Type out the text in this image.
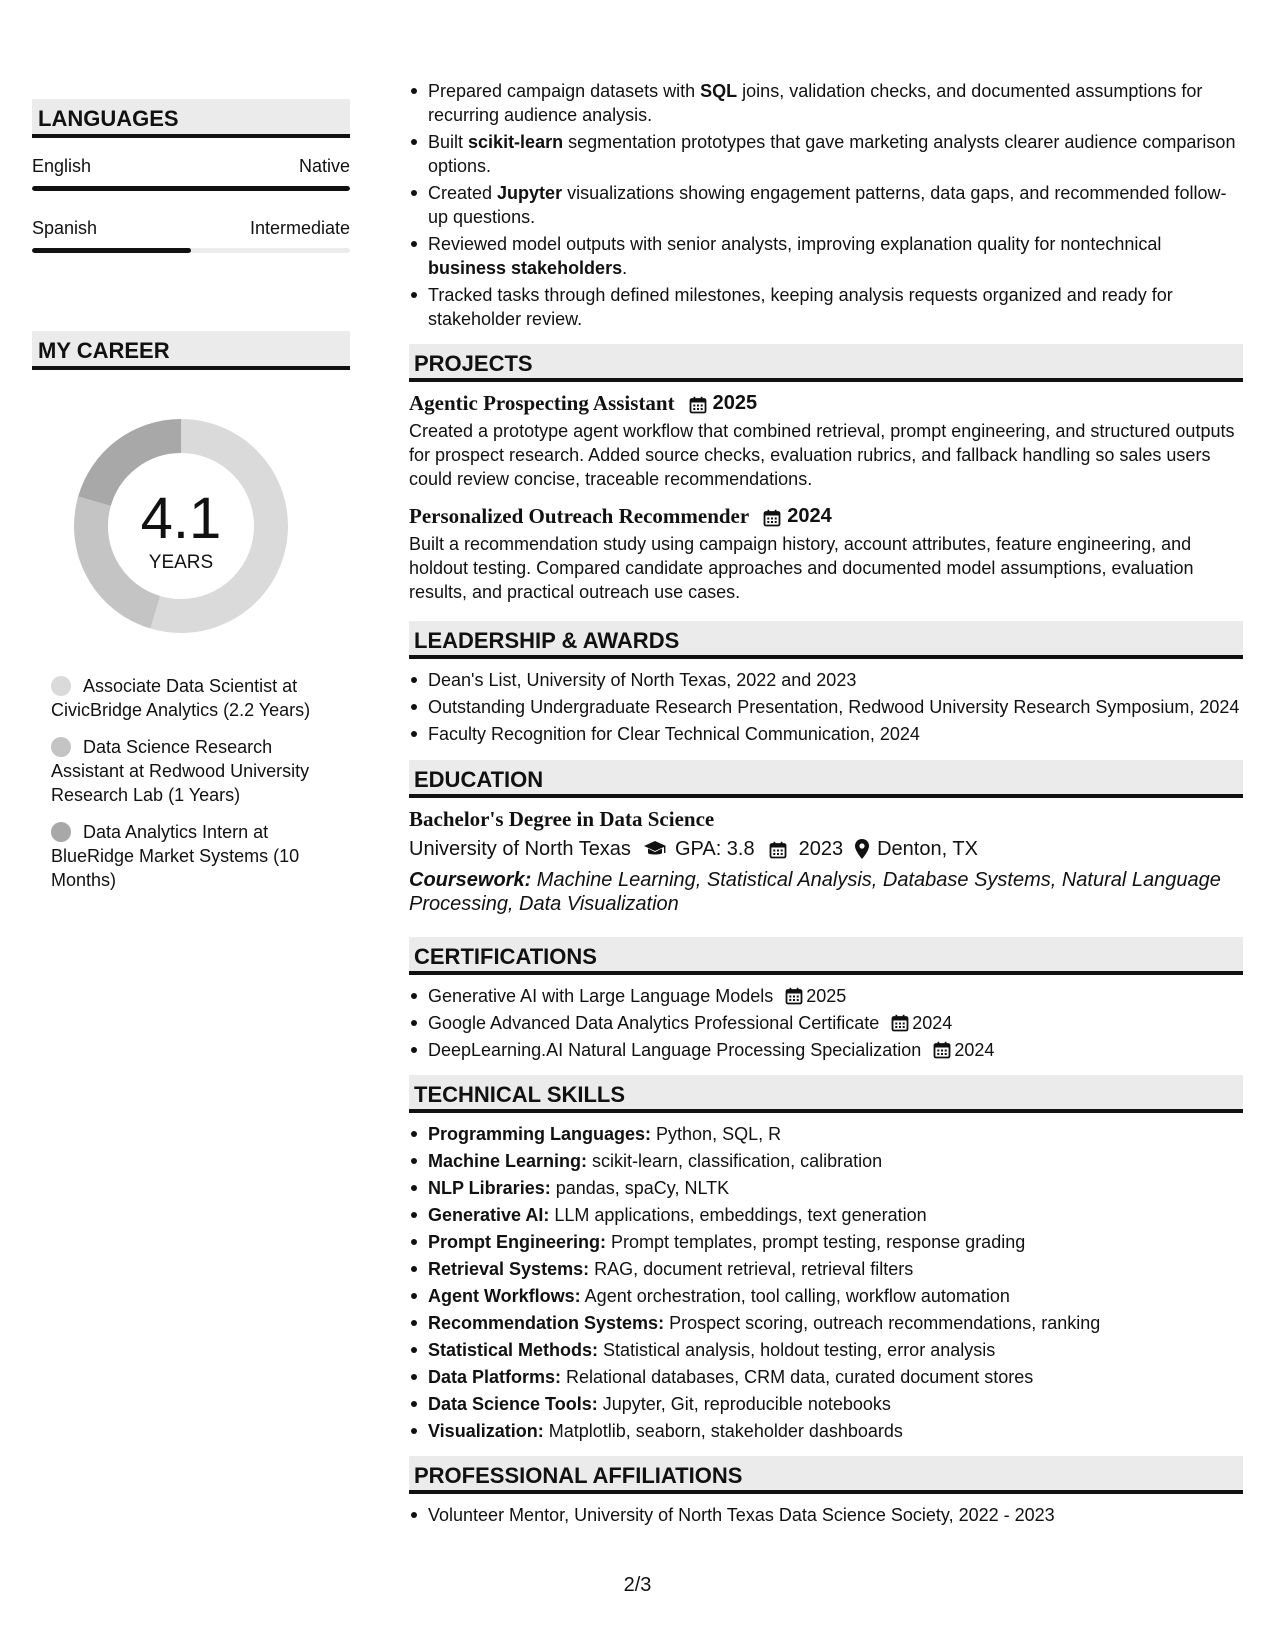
LANGUAGES
English	Native
Spanish	Intermediate
MY CAREER
4.1
YEARS
Associate Data Scientist at CivicBridge Analytics (2.2 Years)
Data Science Research Assistant at Redwood University Research Lab (1 Years)
Data Analytics Intern at BlueRidge Market Systems (10 Months)
Prepared campaign datasets with SQL joins, validation checks, and documented assumptions for recurring audience analysis.
Built scikit-learn segmentation prototypes that gave marketing analysts clearer audience comparison options.
Created Jupyter visualizations showing engagement patterns, data gaps, and recommended follow-up questions.
Reviewed model outputs with senior analysts, improving explanation quality for nontechnical business stakeholders.
Tracked tasks through defined milestones, keeping analysis requests organized and ready for stakeholder review.
PROJECTS
Agentic Prospecting Assistant 2025
Created a prototype agent workflow that combined retrieval, prompt engineering, and structured outputs for prospect research. Added source checks, evaluation rubrics, and fallback handling so sales users could review concise, traceable recommendations.
Personalized Outreach Recommender 2024
Built a recommendation study using campaign history, account attributes, feature engineering, and holdout testing. Compared candidate approaches and documented model assumptions, evaluation results, and practical outreach use cases.
LEADERSHIP & AWARDS
Dean's List, University of North Texas, 2022 and 2023
Outstanding Undergraduate Research Presentation, Redwood University Research Symposium, 2024
Faculty Recognition for Clear Technical Communication, 2024
EDUCATION
Bachelor's Degree in Data Science
University of North Texas GPA: 3.8 2023 Denton, TX
Coursework: Machine Learning, Statistical Analysis, Database Systems, Natural Language Processing, Data Visualization
CERTIFICATIONS
Generative AI with Large Language Models 2025
Google Advanced Data Analytics Professional Certificate 2024
DeepLearning.AI Natural Language Processing Specialization 2024
TECHNICAL SKILLS
Programming Languages: Python, SQL, R
Machine Learning: scikit-learn, classification, calibration
NLP Libraries: pandas, spaCy, NLTK
Generative AI: LLM applications, embeddings, text generation
Prompt Engineering: Prompt templates, prompt testing, response grading
Retrieval Systems: RAG, document retrieval, retrieval filters
Agent Workflows: Agent orchestration, tool calling, workflow automation
Recommendation Systems: Prospect scoring, outreach recommendations, ranking
Statistical Methods: Statistical analysis, holdout testing, error analysis
Data Platforms: Relational databases, CRM data, curated document stores
Data Science Tools: Jupyter, Git, reproducible notebooks
Visualization: Matplotlib, seaborn, stakeholder dashboards
PROFESSIONAL AFFILIATIONS
Volunteer Mentor, University of North Texas Data Science Society, 2022 - 2023
2/3
